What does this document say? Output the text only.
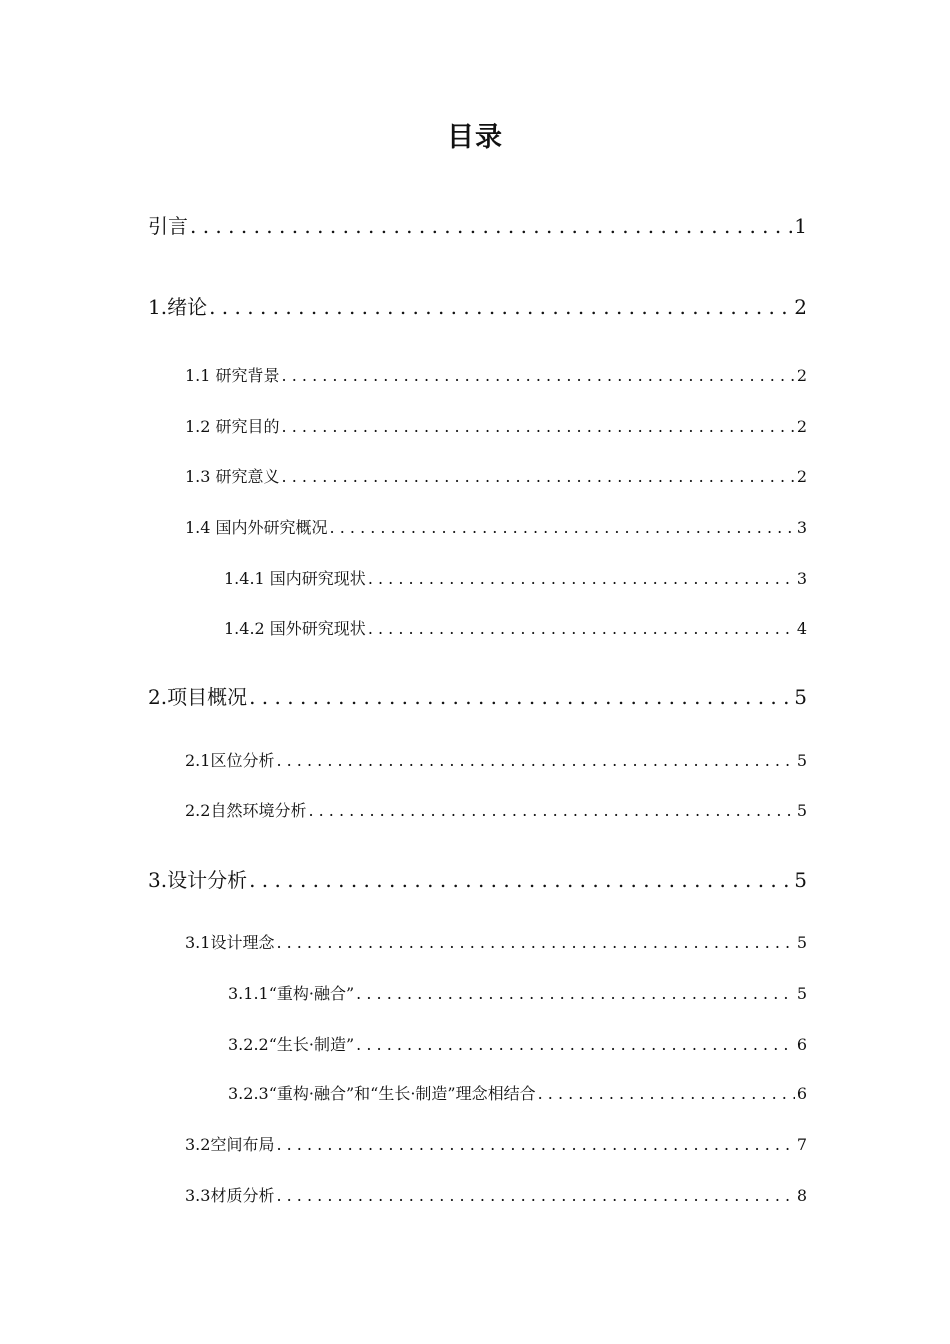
目录
引言 . . .	1
1.绪论 . . .	2
1.1 研究背景 . . .	2
1.2 研究目的 . . .	2
1.3 研究意义 . . .	2
1.4 国内外研究概况 . . .	3
1.4.1 国内研究现状 . . .	3
1.4.2 国外研究现状 . . .	4
2.项目概况 . . .	5
2.1区位分析 . . .	5
2.2自然环境分析 . . .	5
3.设计分析 . . .	5
3.1设计理念 . . .	5
3.1.1“重构·融合” . . .	5
3.2.2“生长·制造” . . .	6
3.2.3“重构·融合”和“生长·制造”理念相结合 . . .	6
3.2空间布局 . . .	7
3.3材质分析 . . .	8
